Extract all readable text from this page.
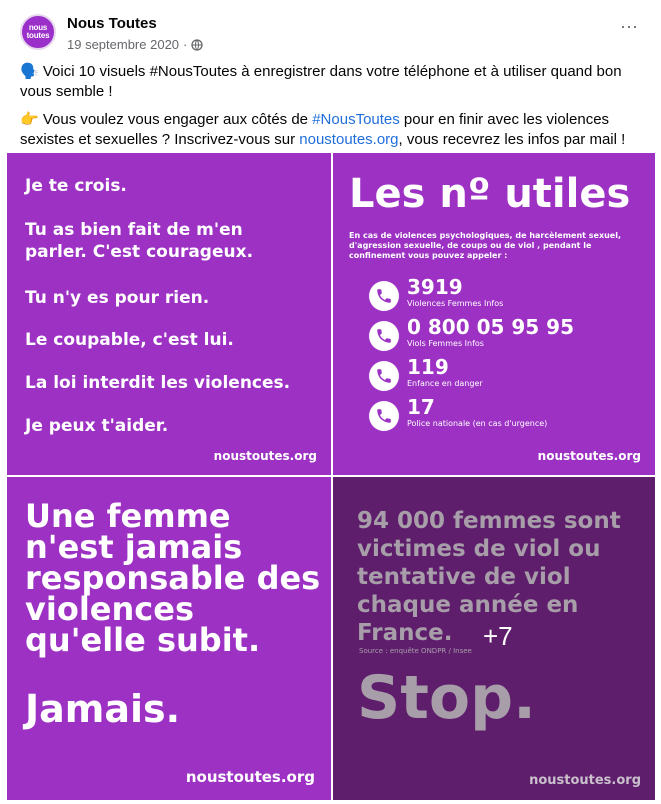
nous toutes
Nous Toutes
19 septembre 2020 ·
···

🗣️ Voici 10 visuels #NousToutes à enregistrer dans votre téléphone et à utiliser quand bon vous semble !

👉 Vous voulez vous engager aux côtés de #NousToutes pour en finir avec les violences sexistes et sexuelles ? Inscrivez-vous sur noustoutes.org, vous recevrez les infos par mail !

Je te crois.
Tu as bien fait de m'en
parler. C'est courageux.
Tu n'y es pour rien.
Le coupable, c'est lui.
La loi interdit les violences.
Je peux t'aider.
noustoutes.org
Les nº utiles
En cas de violences psychologiques, de harcèlement sexuel, d'agression sexuelle, de coups ou de viol , pendant le confinement vous pouvez appeler :
3919
Violences Femmes Infos
0 800 05 95 95
Viols Femmes Infos
119
Enfance en danger
17
Police nationale (en cas d'urgence)
noustoutes.org
Une femme n'est jamais responsable des violences qu'elle subit.
Jamais.
noustoutes.org
94 000 femmes sont victimes de viol ou tentative de viol chaque année en France.
Source : enquête ONDPR / Insee
Stop.
+7
noustoutes.org
